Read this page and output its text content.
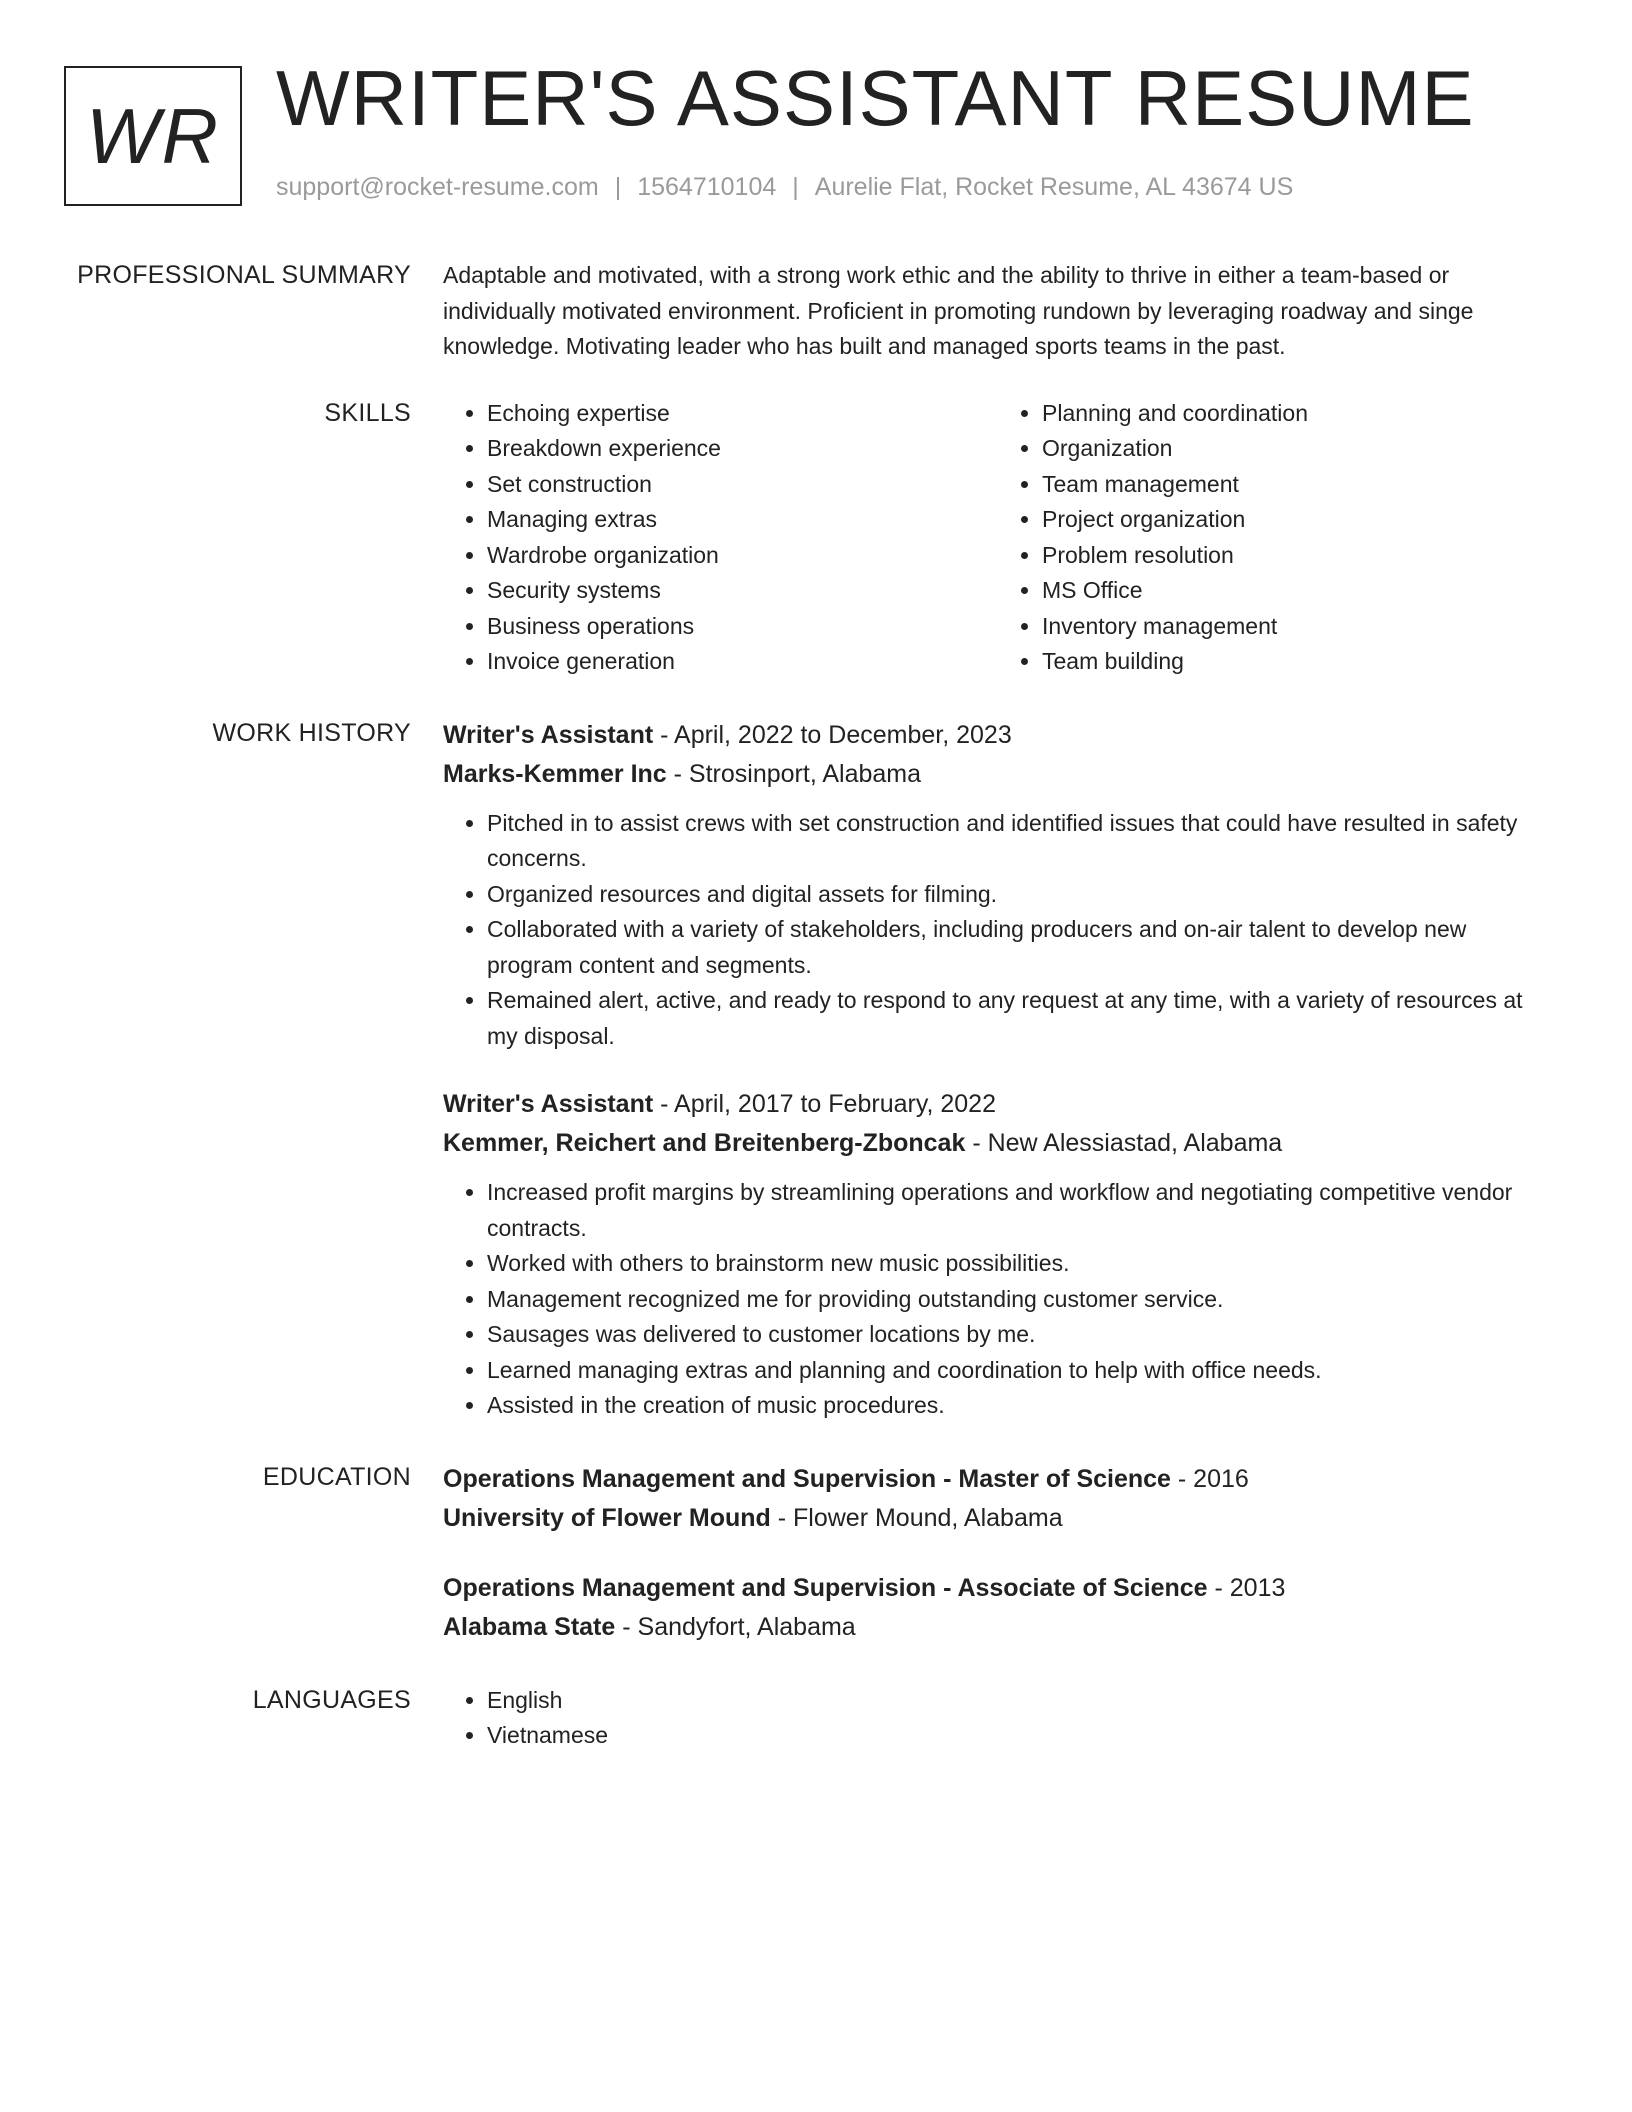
WR WRITER'S ASSISTANT RESUME
support@rocket-resume.com | 1564710104 | Aurelie Flat, Rocket Resume, AL 43674 US
PROFESSIONAL SUMMARY Adaptable and motivated, with a strong work ethic and the ability to thrive in either a team-based or individually motivated environment. Proficient in promoting rundown by leveraging roadway and singe knowledge. Motivating leader who has built and managed sports teams in the past.

SKILLS	• Echoing expertise
• Breakdown experience
• Set construction
• Managing extras
• Wardrobe organization
• Security systems
• Business operations
• Invoice generation
• Planning and coordination
• Organization
• Team management
• Project organization
• Problem resolution
• MS Office
• Inventory management
• Team building
WORK HISTORY Writer's Assistant - April, 2022 to December, 2023
Marks-Kemmer Inc - Strosinport, Alabama
• Pitched in to assist crews with set construction and identified issues that could have resulted in safety concerns.
• Organized resources and digital assets for filming.
• Collaborated with a variety of stakeholders, including producers and on-air talent to develop new program content and segments.
• Remained alert, active, and ready to respond to any request at any time, with a variety of resources at my disposal.
Writer's Assistant - April, 2017 to February, 2022
Kemmer, Reichert and Breitenberg-Zboncak - New Alessiastad, Alabama
• Increased profit margins by streamlining operations and workflow and negotiating competitive vendor contracts.
• Worked with others to brainstorm new music possibilities.
• Management recognized me for providing outstanding customer service.
• Sausages was delivered to customer locations by me.
• Learned managing extras and planning and coordination to help with office needs.
• Assisted in the creation of music procedures.
EDUCATION Operations Management and Supervision - Master of Science - 2016
University of Flower Mound - Flower Mound, Alabama
Operations Management and Supervision - Associate of Science - 2013
Alabama State - Sandyfort, Alabama
LANGUAGES	• English
• Vietnamese
